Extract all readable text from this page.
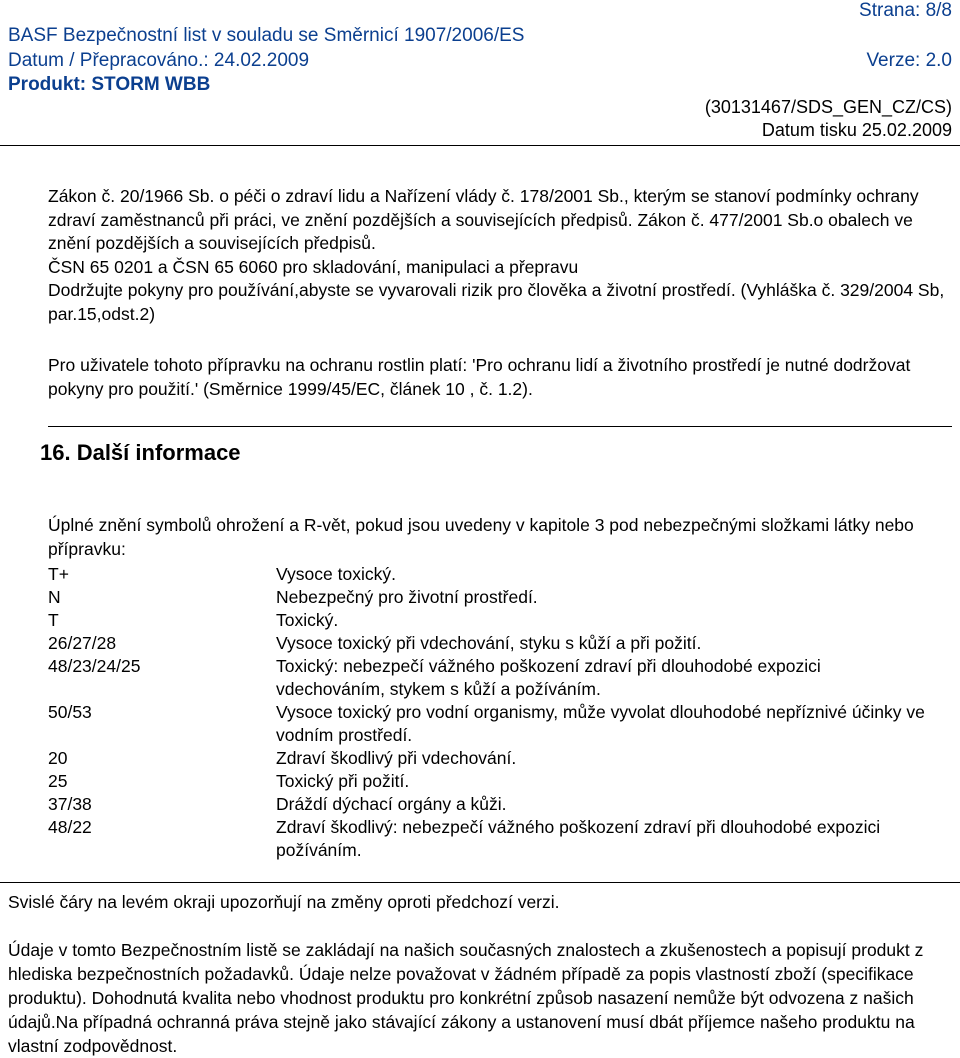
Strana: 8/8
BASF Bezpečnostní list v souladu se Směrnicí 1907/2006/ES
Datum / Přepracováno.: 24.02.2009	Verze: 2.0
Produkt: STORM WBB
(30131467/SDS_GEN_CZ/CS)
Datum tisku 25.02.2009

Zákon č. 20/1966 Sb. o péči o zdraví lidu a Nařízení vlády č. 178/2001 Sb., kterým se stanoví podmínky ochrany zdraví zaměstnanců při práci, ve znění pozdějších a souvisejících předpisů. Zákon č. 477/2001 Sb.o obalech ve znění pozdějších a souvisejících předpisů.

ČSN 65 0201 a ČSN 65 6060 pro skladování, manipulaci a přepravu

Dodržujte pokyny pro používání,abyste se vyvarovali rizik pro člověka a životní prostředí. (Vyhláška č. 329/2004 Sb, par.15,odst.2)

Pro uživatele tohoto přípravku na ochranu rostlin platí: 'Pro ochranu lidí a životního prostředí je nutné dodržovat pokyny pro použití.' (Směrnice 1999/45/EC, článek 10 , č. 1.2).

16. Další informace

Úplné znění symbolů ohrožení a R-vět, pokud jsou uvedeny v kapitole 3 pod nebezpečnými složkami látky nebo přípravku:

T+	Vysoce toxický.
N	Nebezpečný pro životní prostředí.
T	Toxický.
26/27/28	Vysoce toxický při vdechování, styku s kůží a při požití.
48/23/24/25	Toxický: nebezpečí vážného poškození zdraví při dlouhodobé expozici vdechováním, stykem s kůží a požíváním.
50/53	Vysoce toxický pro vodní organismy, může vyvolat dlouhodobé nepříznivé účinky ve vodním prostředí.
20	Zdraví škodlivý při vdechování.
25	Toxický při požití.
37/38	Dráždí dýchací orgány a kůži.
48/22	Zdraví škodlivý: nebezpečí vážného poškození zdraví při dlouhodobé expozici požíváním.

Svislé čáry na levém okraji upozorňují na změny oproti předchozí verzi.

Údaje v tomto Bezpečnostním listě se zakládají na našich současných znalostech a zkušenostech a popisují produkt z hlediska bezpečnostních požadavků. Údaje nelze považovat v žádném případě za popis vlastností zboží (specifikace produktu). Dohodnutá kvalita nebo vhodnost produktu pro konkrétní způsob nasazení nemůže být odvozena z našich údajů.Na případná ochranná práva stejně jako stávající zákony a ustanovení musí dbát příjemce našeho produktu na vlastní zodpovědnost.
